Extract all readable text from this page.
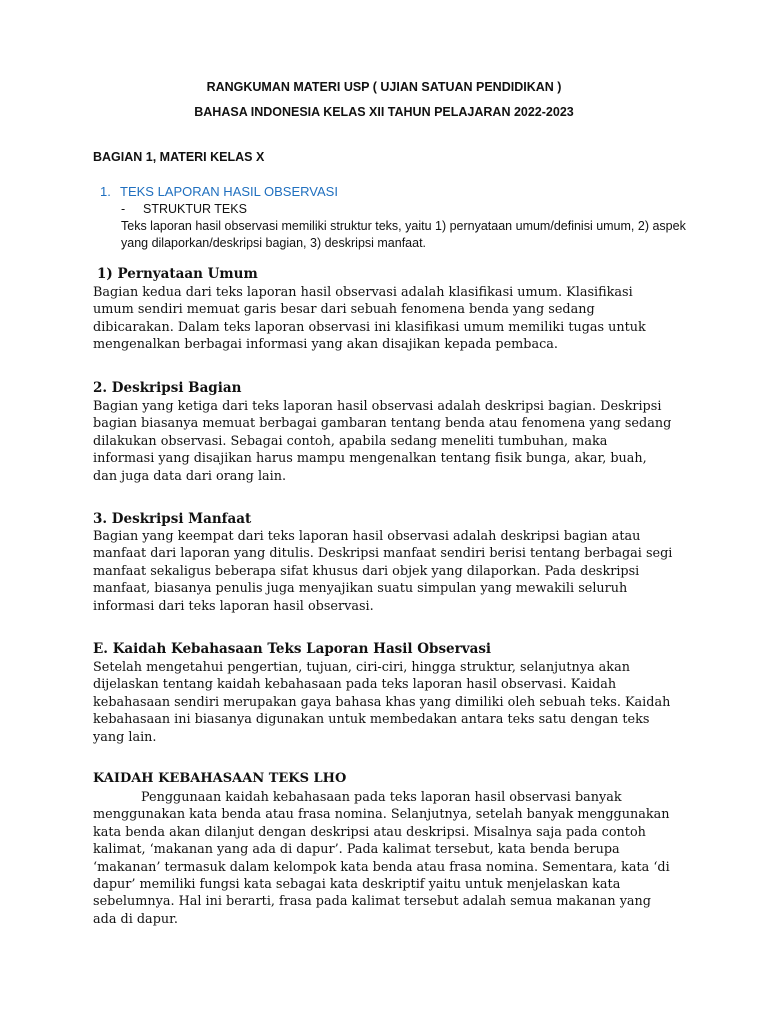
RANGKUMAN MATERI USP ( UJIAN SATUAN PENDIDIKAN )
BAHASA INDONESIA KELAS XII TAHUN PELAJARAN 2022-2023
BAGIAN 1, MATERI KELAS X
1. TEKS LAPORAN HASIL OBSERVASI
- STRUKTUR TEKS
Teks laporan hasil observasi memiliki struktur teks, yaitu 1) pernyataan umum/definisi umum, 2) aspek yang dilaporkan/deskripsi bagian, 3) deskripsi manfaat.
1) Pernyataan Umum
Bagian kedua dari teks laporan hasil observasi adalah klasifikasi umum. Klasifikasi
umum sendiri memuat garis besar dari sebuah fenomena benda yang sedang
dibicarakan. Dalam teks laporan observasi ini klasifikasi umum memiliki tugas untuk
mengenalkan berbagai informasi yang akan disajikan kepada pembaca.
2. Deskripsi Bagian
Bagian yang ketiga dari teks laporan hasil observasi adalah deskripsi bagian. Deskripsi
bagian biasanya memuat berbagai gambaran tentang benda atau fenomena yang sedang
dilakukan observasi. Sebagai contoh, apabila sedang meneliti tumbuhan, maka
informasi yang disajikan harus mampu mengenalkan tentang fisik bunga, akar, buah,
dan juga data dari orang lain.
3. Deskripsi Manfaat
Bagian yang keempat dari teks laporan hasil observasi adalah deskripsi bagian atau
manfaat dari laporan yang ditulis. Deskripsi manfaat sendiri berisi tentang berbagai segi
manfaat sekaligus beberapa sifat khusus dari objek yang dilaporkan. Pada deskripsi
manfaat, biasanya penulis juga menyajikan suatu simpulan yang mewakili seluruh
informasi dari teks laporan hasil observasi.
E. Kaidah Kebahasaan Teks Laporan Hasil Observasi
Setelah mengetahui pengertian, tujuan, ciri-ciri, hingga struktur, selanjutnya akan
dijelaskan tentang kaidah kebahasaan pada teks laporan hasil observasi. Kaidah
kebahasaan sendiri merupakan gaya bahasa khas yang dimiliki oleh sebuah teks. Kaidah
kebahasaan ini biasanya digunakan untuk membedakan antara teks satu dengan teks
yang lain.
KAIDAH KEBAHASAAN TEKS LHO
Penggunaan kaidah kebahasaan pada teks laporan hasil observasi banyak
menggunakan kata benda atau frasa nomina. Selanjutnya, setelah banyak menggunakan
kata benda akan dilanjut dengan deskripsi atau deskripsi. Misalnya saja pada contoh
kalimat, ‘makanan yang ada di dapur’. Pada kalimat tersebut, kata benda berupa
‘makanan’ termasuk dalam kelompok kata benda atau frasa nomina. Sementara, kata ‘di
dapur’ memiliki fungsi kata sebagai kata deskriptif yaitu untuk menjelaskan kata
sebelumnya. Hal ini berarti, frasa pada kalimat tersebut adalah semua makanan yang
ada di dapur.
